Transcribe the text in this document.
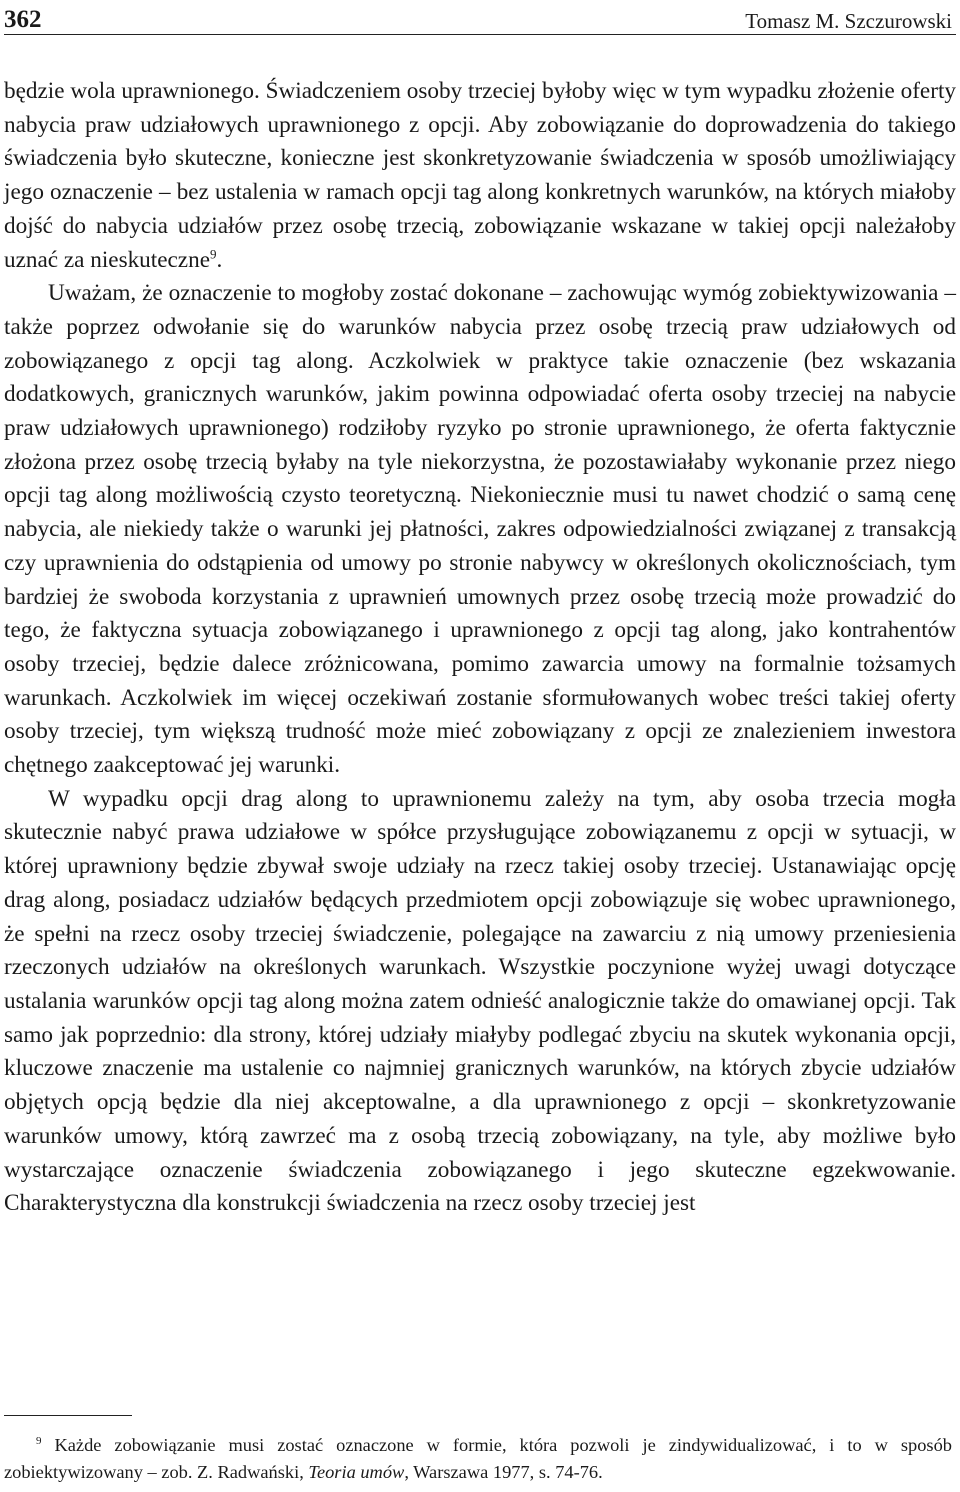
362	Tomasz M. Szczurowski

będzie wola uprawnionego. Świadczeniem osoby trzeciej byłoby więc w tym wypadku złożenie oferty nabycia praw udziałowych uprawnionego z opcji. Aby zobowiązanie do doprowadzenia do takiego świadczenia było skuteczne, konieczne jest skonkretyzowanie świadczenia w sposób umożliwiający jego oznaczenie – bez ustalenia w ramach opcji tag along konkretnych warunków, na których miałoby dojść do nabycia udziałów przez osobę trzecią, zobowiązanie wskazane w takiej opcji należałoby uznać za nieskuteczne$^9$.

Uważam, że oznaczenie to mogłoby zostać dokonane – zachowując wymóg zobiektywizowania – także poprzez odwołanie się do warunków nabycia przez osobę trzecią praw udziałowych od zobowiązanego z opcji tag along. Aczkolwiek w praktyce takie oznaczenie (bez wskazania dodatkowych, granicznych warunków, jakim powinna odpowiadać oferta osoby trzeciej na nabycie praw udziałowych uprawnionego) rodziłoby ryzyko po stronie uprawnionego, że oferta faktycznie złożona przez osobę trzecią byłaby na tyle niekorzystna, że pozostawiałaby wykonanie przez niego opcji tag along możliwością czysto teoretyczną. Niekoniecznie musi tu nawet chodzić o samą cenę nabycia, ale niekiedy także o warunki jej płatności, zakres odpowiedzialności związanej z transakcją czy uprawnienia do odstąpienia od umowy po stronie nabywcy w określonych okolicznościach, tym bardziej że swoboda korzystania z uprawnień umownych przez osobę trzecią może prowadzić do tego, że faktyczna sytuacja zobowiązanego i uprawnionego z opcji tag along, jako kontrahentów osoby trzeciej, będzie dalece zróżnicowana, pomimo zawarcia umowy na formalnie tożsamych warunkach. Aczkolwiek im więcej oczekiwań zostanie sformułowanych wobec treści takiej oferty osoby trzeciej, tym większą trudność może mieć zobowiązany z opcji ze znalezieniem inwestora chętnego zaakceptować jej warunki.

W wypadku opcji drag along to uprawnionemu zależy na tym, aby osoba trzecia mogła skutecznie nabyć prawa udziałowe w spółce przysługujące zobowiązanemu z opcji w sytuacji, w której uprawniony będzie zbywał swoje udziały na rzecz takiej osoby trzeciej. Ustanawiając opcję drag along, posiadacz udziałów będących przedmiotem opcji zobowiązuje się wobec uprawnionego, że spełni na rzecz osoby trzeciej świadczenie, polegające na zawarciu z nią umowy przeniesienia rzeczonych udziałów na określonych warunkach. Wszystkie poczynione wyżej uwagi dotyczące ustalania warunków opcji tag along można zatem odnieść analogicznie także do omawianej opcji. Tak samo jak poprzednio: dla strony, której udziały miałyby podlegać zbyciu na skutek wykonania opcji, kluczowe znaczenie ma ustalenie co najmniej granicznych warunków, na których zbycie udziałów objętych opcją będzie dla niej akceptowalne, a dla uprawnionego z opcji – skonkretyzowanie warunków umowy, którą zawrzeć ma z osobą trzecią zobowiązany, na tyle, aby możliwe było wystarczające oznaczenie świadczenia zobowiązanego i jego skuteczne egzekwowanie. Charakterystyczna dla konstrukcji świadczenia na rzecz osoby trzeciej jest

$^9$ Każde zobowiązanie musi zostać oznaczone w formie, która pozwoli je zindywidualizować, i to w sposób zobiektywizowany – zob. Z. Radwański, Teoria umów, Warszawa 1977, s. 74-76.
